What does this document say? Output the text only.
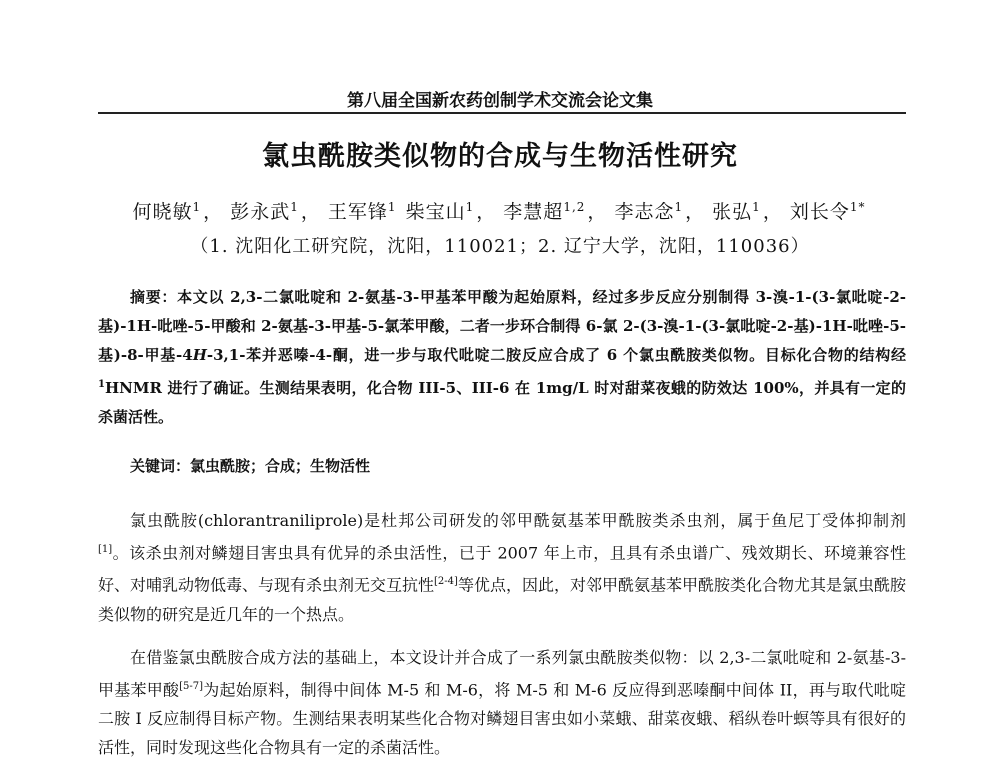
第八届全国新农药创制学术交流会论文集
氯虫酰胺类似物的合成与生物活性研究
何晓敏$^1$ ， 彭永武$^1$ ， 王军锋$^1$ 柴宝山$^1$ ， 李慧超$^{1,2}$ ， 李志念$^1$ ， 张弘$^1$ ， 刘长令$^{1*}$
（1. 沈阳化工研究院，沈阳，110021；2. 辽宁大学，沈阳，110036）

摘要：本文以 2,3-二氯吡啶和 2-氨基-3-甲基苯甲酸为起始原料，经过多步反应分别制得 3-溴-1-(3-氯吡啶-2-基)-1H-吡唑-5-甲酸和 2-氨基-3-甲基-5-氯苯甲酸，二者一步环合制得 6-氯 2-(3-溴-1-(3-氯吡啶-2-基)-1H-吡唑-5-基)-8-甲基-4H-3,1-苯并恶嗪-4-酮，进一步与取代吡啶二胺反应合成了 6 个氯虫酰胺类似物。目标化合物的结构经 $^1$HNMR 进行了确证。生测结果表明，化合物 III-5、III-6 在 1mg/L 时对甜菜夜蛾的防效达 100%，并具有一定的杀菌活性。

关键词：氯虫酰胺；合成；生物活性

氯虫酰胺(chlorantraniliprole)是杜邦公司研发的邻甲酰氨基苯甲酰胺类杀虫剂，属于鱼尼丁受体抑制剂 [1]。该杀虫剂对鳞翅目害虫具有优异的杀虫活性，已于 2007 年上市，且具有杀虫谱广、残效期长、环境兼容性好、对哺乳动物低毒、与现有杀虫剂无交互抗性[2-4]等优点，因此，对邻甲酰氨基苯甲酰胺类化合物尤其是氯虫酰胺类似物的研究是近几年的一个热点。

在借鉴氯虫酰胺合成方法的基础上，本文设计并合成了一系列氯虫酰胺类似物：以 2,3-二氯吡啶和 2-氨基-3-甲基苯甲酸[5-7]为起始原料，制得中间体 M-5 和 M-6，将 M-5 和 M-6 反应得到恶嗪酮中间体 II，再与取代吡啶二胺 I 反应制得目标产物。生测结果表明某些化合物对鳞翅目害虫如小菜蛾、甜菜夜蛾、稻纵卷叶螟等具有很好的活性，同时发现这些化合物具有一定的杀菌活性。
